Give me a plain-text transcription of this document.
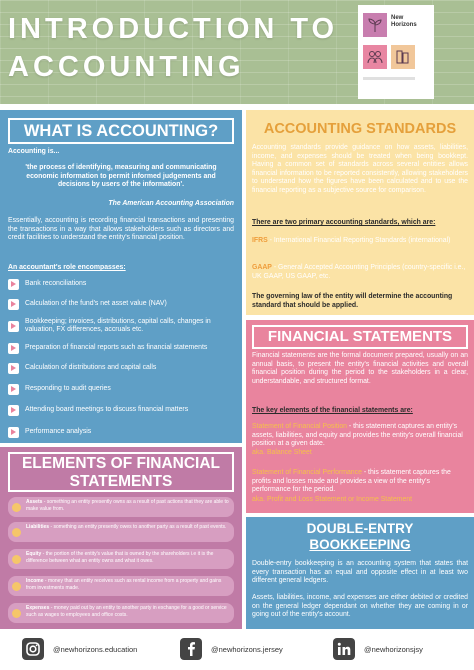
INTRODUCTION TO
ACCOUNTING
New
Horizons
WHAT IS ACCOUNTING?
Accounting is...
'the process of identifying, measuring and communicating economic information to permit informed judgements and decisions by users of the information'.
The American Accounting Association
Essentially, accounting is recording financial transactions and presenting the transactions in a way that allows stakeholders such as directors and credit facilities to understand the entity's financial position.
An accountant's role encompasses:
Bank reconciliations
Calculation of the fund's net asset value (NAV)
Bookkeeping; invoices, distributions, capital calls, changes in valuation, FX differences, accruals etc.
Preparation of financial reports such as financial statements
Calculation of distributions and capital calls
Responding to audit queries
Attending board meetings to discuss financial matters
Performance analysis
ACCOUNTING STANDARDS
Accounting standards provide guidance on how assets, liabilities, income, and expenses should be treated when being bookkept. Having a common set of standards across several entities allows financial information to be reported consistently, allowing stakeholders to understand how the figures have been calculated and to use the financial reporting as a subjective source for comparison.
There are two primary accounting standards, which are:
IFRS - International Financial Reporting Standards (international)
GAAP - General Accepted Accounting Principles (country-specific i.e., UK GAAP, US GAAP, etc.
The governing law of the entity will determine the accounting standard that should be applied.
FINANCIAL STATEMENTS
Financial statements are the formal document prepared, usually on an annual basis, to present the entity's financial activities and overall financial position during the period to the stakeholders in a clear, understandable, and structured format.
The key elements of the financial statements are:
Statement of Financial Position - this statement captures an entity's assets, liabilities, and equity and provides the entity's overall financial position at a given date.
aka. Balance Sheet
Statement of Financial Performance - this statement captures the profits and losses made and provides a view of the entity's performance for the period.
aka. Profit and Loss Statement or Income Statement
ELEMENTS OF FINANCIAL
STATEMENTS
Assets - something an entity presently owns as a result of past actions that they are able to make value from.
Liabilities - something an entity presently owes to another party as a result of past events.
Equity - the portion of the entity's value that is owned by the shareholders i.e it is the difference between what an entity owns and what it owes.
Income - money that an entity receives such as rental income from a property and gains from investments made.
Expenses - money paid out by an entity to another party in exchange for a good or service such as wages to employees and office costs.
DOUBLE-ENTRY
BOOKKEEPING
Double-entry bookkeeping is an accounting system that states that every transaction has an equal and opposite effect in at least two different general ledgers.
Assets, liabilities, income, and expenses are either debited or credited on the general ledger dependant on whether they are coming in or going out of the entity's account.
@newhorizons.education	@newhorizons.jersey	@newhorizonsjsy
